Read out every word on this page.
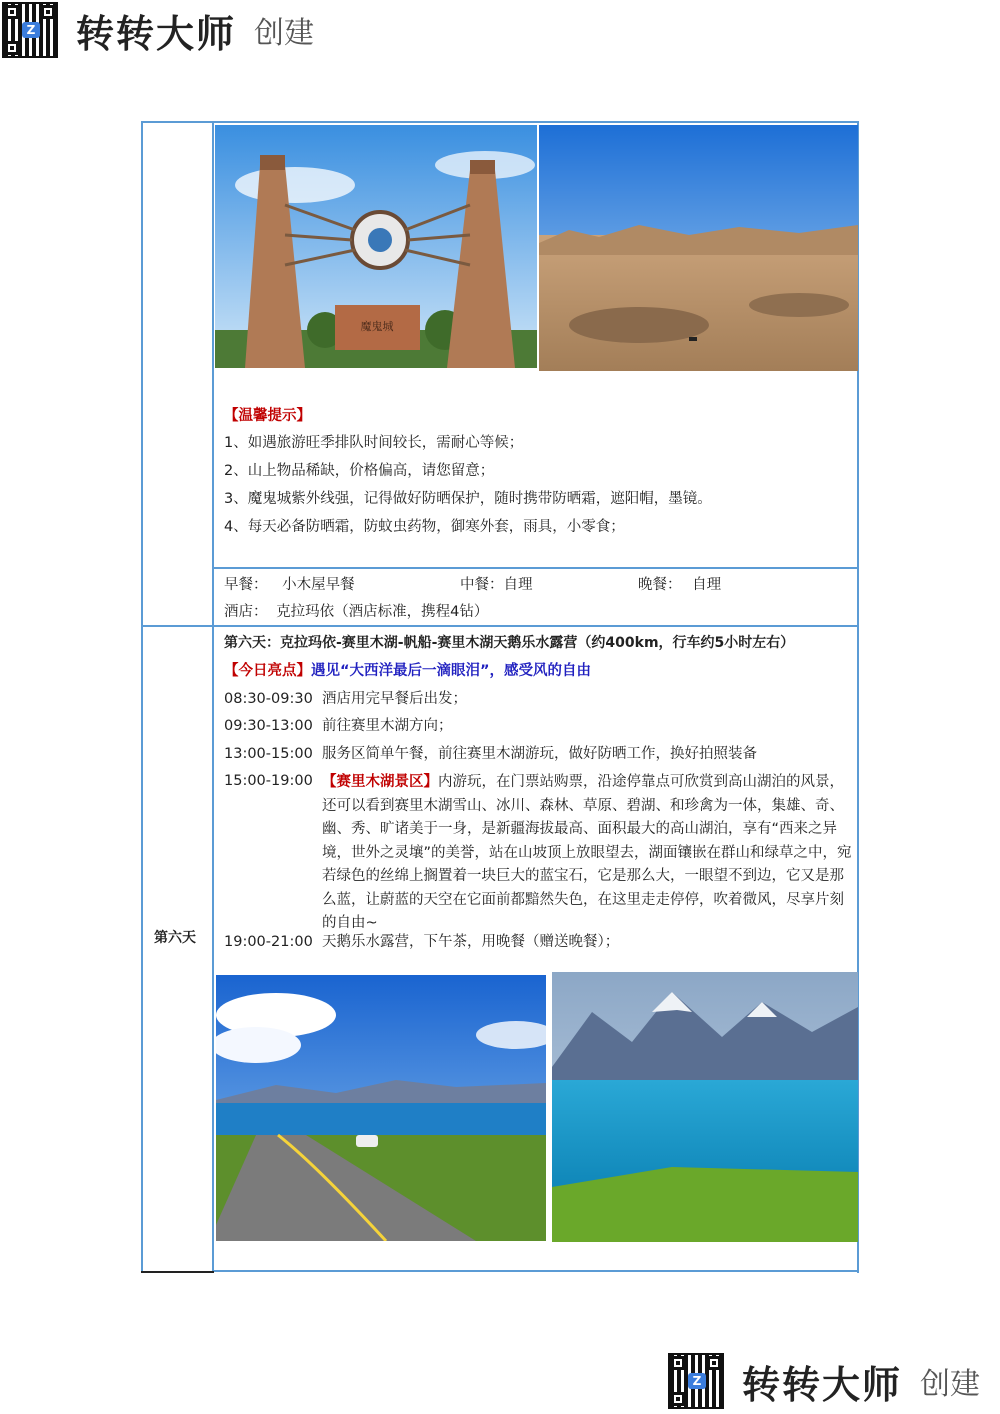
Z 转转大师 创建
魔鬼城
【温馨提示】
1、如遇旅游旺季排队时间较长，需耐心等候；
2、山上物品稀缺，价格偏高，请您留意；
3、魔鬼城紫外线强，记得做好防晒保护，随时携带防晒霜，遮阳帽，墨镜。
4、每天必备防晒霜，防蚊虫药物，御寒外套，雨具，小零食；
早餐： 小木屋早餐	中餐：自理	晚餐： 自理
酒店： 克拉玛依（酒店标准，携程4钻）
第六天
第六天：克拉玛依-赛里木湖-帆船-赛里木湖天鹅乐水露营（约400km，行车约5小时左右）
【今日亮点】遇见“大西洋最后一滴眼泪”，感受风的自由
08:30-09:30 酒店用完早餐后出发；
09:30-13:00 前往赛里木湖方向；
13:00-15:00 服务区简单午餐，前往赛里木湖游玩，做好防晒工作，换好拍照装备
15:00-19:00 【赛里木湖景区】内游玩，在门票站购票，沿途停靠点可欣赏到高山湖泊的风景，还可以看到赛里木湖雪山、冰川、森林、草原、碧湖、和珍禽为一体，集雄、奇、幽、秀、旷诸美于一身，是新疆海拔最高、面积最大的高山湖泊，享有“西来之异境，世外之灵壤”的美誉，站在山坡顶上放眼望去，湖面镶嵌在群山和绿草之中，宛若绿色的丝绵上搁置着一块巨大的蓝宝石，它是那么大，一眼望不到边，它又是那么蓝，让蔚蓝的天空在它面前都黯然失色，在这里走走停停，吹着微风，尽享片刻的自由~
19:00-21:00 天鹅乐水露营，下午茶，用晚餐（赠送晚餐）；
Z 转转大师 创建
